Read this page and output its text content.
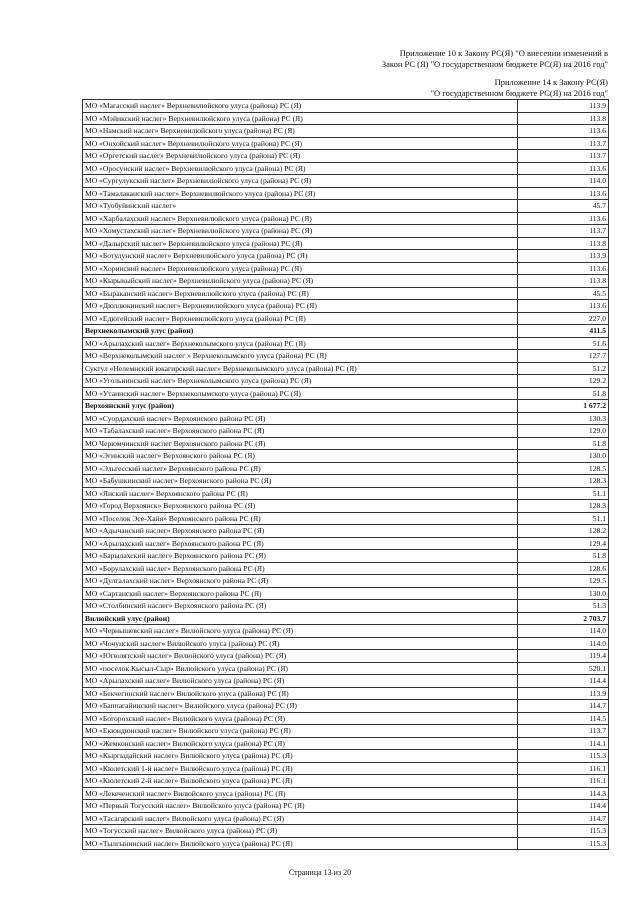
Приложение 10 к Закону РС(Я) "О внесении изменений в
Закон РС (Я) "О государственном бюджете РС(Я) на 2016 год"
Приложение 14 к Закону РС(Я)
"О государственном бюджете РС(Я) на 2016 год"
МО «Магасский наслег» Верхневилюйского улуса (района) РС (Я)	113.9
МО «Мэйикский наслег» Верхневилюйского улуса (района) РС (Я)	113.8
МО «Намский наслег» Верхневилюйского улуса (района) РС (Я)	113.6
МО «Онхойский наслег» Верхневилюйского улуса (района) РС (Я)	113.7
МО «Оргетский наслег» Верхневилюйского улуса (района) РС (Я)	113.7
МО «Оросунский наслег» Верхневилюйского улуса (района) РС (Я)	113.6
МО «Сургулукский наслег» Верхневилюйского улуса (района) РС (Я)	114.0
МО «Тамалаканский наслег» Верхневилюйского улуса (района) РС (Я)	113.6
МО «Туобуйинский наслег»	45.7
МО «Харбалахский наслег» Верхневилюйского улуса (района) РС (Я)	113.6
МО «Хомустахский наслег» Верхневилюйского улуса (района) РС (Я)	113.7
МО «Далырский наслег» Верхневилюйского улуса (района) РС (Я)	113.8
МО «Ботулунский наслег» Верхневилюйского улуса (района) РС (Я)	113.9
МО «Хоринский наслег» Верхневилюйского улуса (района) РС (Я)	113.6
МО «Кырыкыйский наслег» Верхневилюйского улуса (района) РС (Я)	113.8
МО «Быраканский наслег» Верхневилюйского улуса (района) РС (Я)	45.5
МО «Дюллюкинский наслег» Верхневилюйского улуса (района) РС (Я)	113.6
МО «Едюгейский наслег» Верхневилюйского улуса (района) РС (Я)	227.0
Верхнеколымский улус (район)	411.5
МО «Арылахский наслег» Верхнеколымского улуса (района) РС (Я)	51.6
МО «Верхнеколымский наслег » Верхнеколымского улуса (района) РС (Я)	127.7
Суктул «Нелемнский юкагирский наслег» Верхнеколымского улуса (района) РС (Я)	51.2
МО «Угольнинский наслег» Верхнеколымского улуса (района) РС (Я)	129.2
МО «Утаинский наслег» Верхнеколымского улуса (района) РС (Я)	51.8
Верхоянский улус (район)	1 677.2
МО «Суордахский наслег» Верхоянского района РС (Я)	130.3
МО «Табалахский наслег» Верхоянского района РС (Я)	129.0
МО Черюмчинский наслег Верхоянского района РС (Я)	51.8
МО «Эгинский наслег» Верхоянского района РС (Я)	130.0
МО «Эльгесский наслег» Верхоянского района РС (Я)	128.5
МО «Бабушкинский наслег» Верхоянского района РС (Я)	128.3
МО «Янский наслег» Верхоянского района РС (Я)	51.1
МО «Город Верхоянск» Верхоянского района РС (Я)	128.3
МО «Поселок Эсе-Хайя» Верхоянского района РС (Я)	51.1
МО «Адычанский наслег» Верхоянского района РС (Я)	128.2
МО «Арылахский наслег» Верхоянского района РС (Я)	129.4
МО «Барылахский наслег» Верхоянского района РС (Я)	51.8
МО «Борулахский наслег» Верхоянского района РС (Я)	128.6
МО «Дулгалахский наслег» Верхоянского района РС (Я)	129.5
МО «Сартанский наслег» Верхоянского района РС (Я)	130.0
МО «Столбинский наслег» Верхоянского района РС (Я)	51.3
Вилюйский улус (район)	2 703.7
МО «Чернышевский наслег» Вилюйского улуса (района) РС (Я)	114.0
МО «Чочунский наслег» Вилюйского улуса (района) РС (Я)	114.0
МО «Югюлятский наслег» Вилюйского улуса (района) РС (Я)	119.4
МО «поселок Кысыл-Сыр» Вилюйского улуса (района) РС (Я)	520.1
МО «Арылахский наслег» Вилюйского улуса (района) РС (Я)	114.4
МО «Бекчегинский наслег» Вилюйского улуса (района) РС (Я)	113.9
МО «Баппагайинский наслег» Вилюйского улуса (района) РС (Я)	114.7
МО «Богорохский наслег» Вилюйского улуса (района) РС (Я)	114.5
МО «Екюндюнский наслег» Вилюйского улуса (района) РС (Я)	113.7
МО «Жемконский наслег» Вилюйского улуса (района) РС (Я)	114.1
МО «Кыргыдайский наслег» Вилюйского улуса (района) РС (Я)	115.3
МО «Кюлетский 1-й наслег» Вилюйского улуса (района) РС (Я)	116.1
МО «Кюлетский 2-й наслег» Вилюйского улуса (района) РС (Я)	116.1
МО «Лекеченский наслег» Вилюйского улуса (района) РС (Я)	114.3
МО «Первый Тогусский наслег» Вилюйского улуса (района) РС (Я)	114.4
МО «Тасагарский наслег» Вилюйского улуса (района) РС (Я)	114.7
МО «Тогусский наслег» Вилюйского улуса (района) РС (Я)	115.3
МО «Тылгынинский наслег» Вилюйского улуса (района) РС (Я)	115.3
Страница 13 из 20
